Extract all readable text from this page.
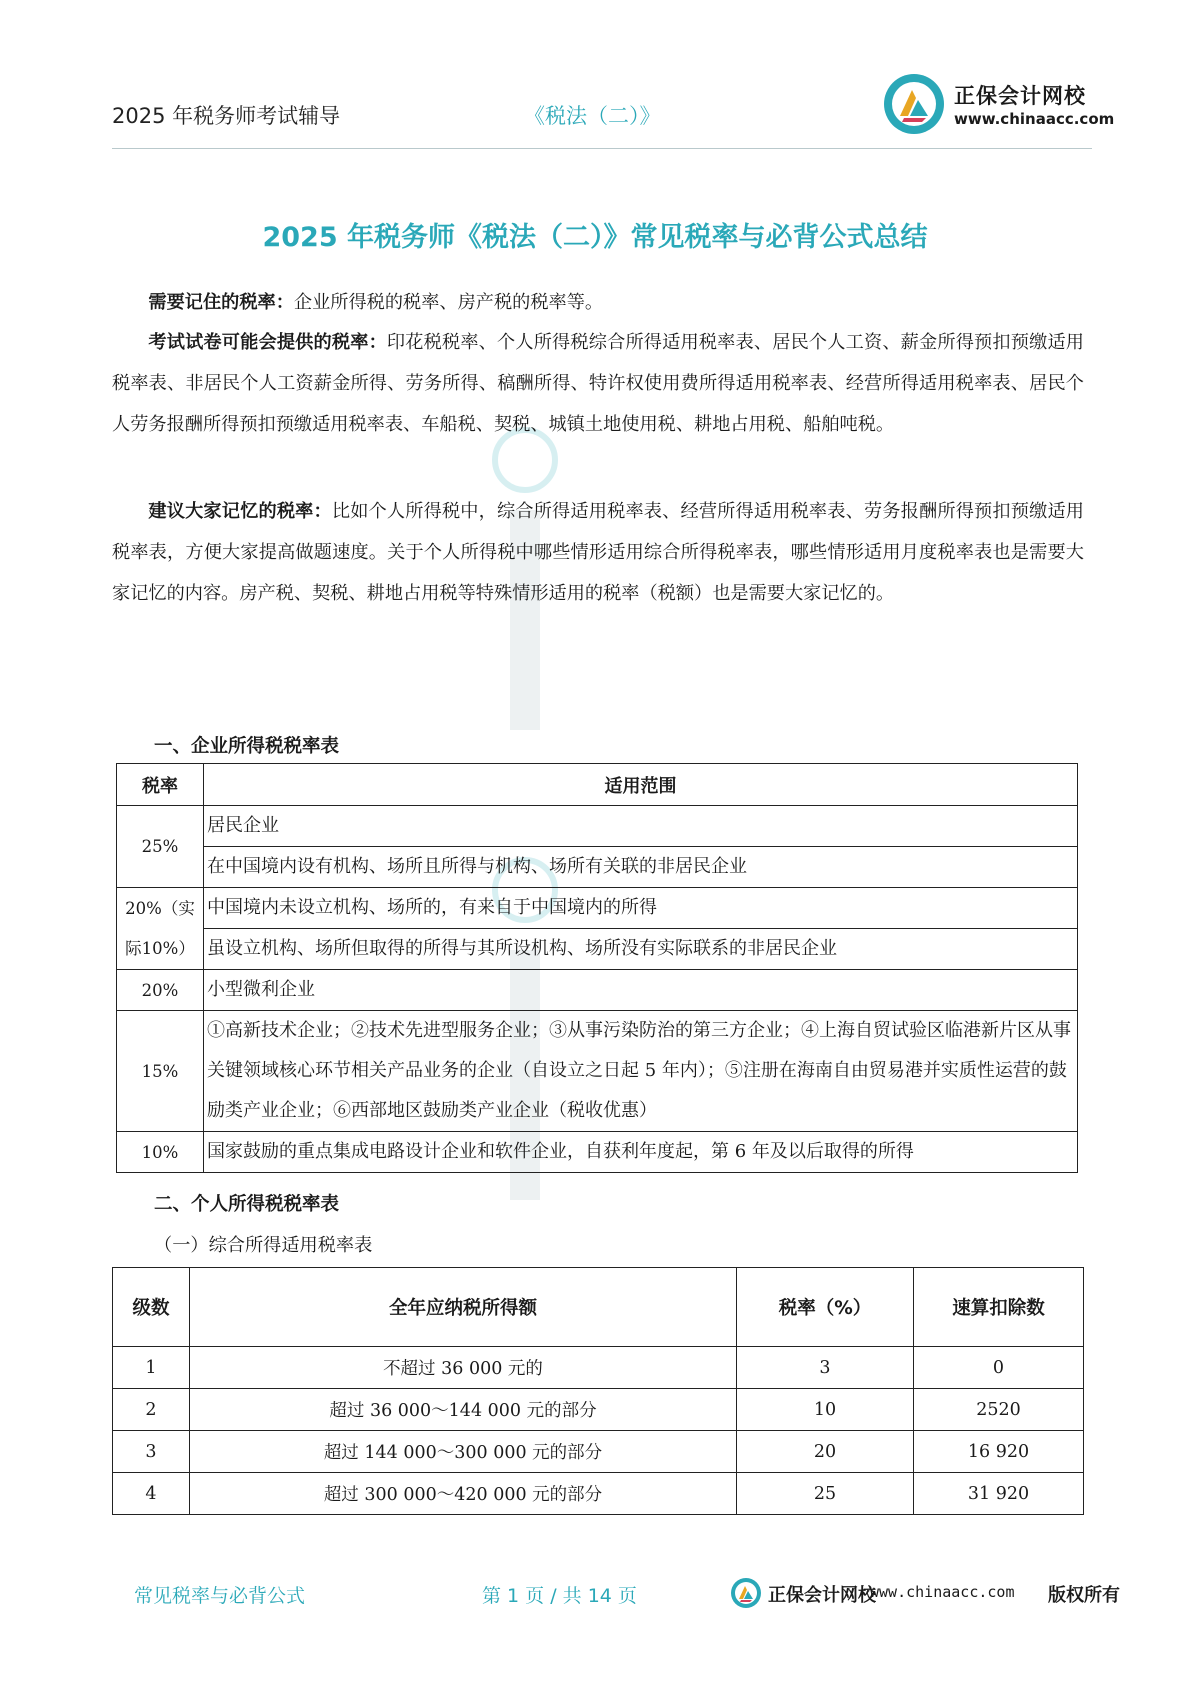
2025 年税务师考试辅导	《税法（二）》
正保会计网校
www.chinaacc.com
2025 年税务师《税法（二）》常见税率与必背公式总结
需要记住的税率：企业所得税的税率、房产税的税率等。
考试试卷可能会提供的税率：印花税税率、个人所得税综合所得适用税率表、居民个人工资、薪金所得预扣预缴适用税率表、非居民个人工资薪金所得、劳务所得、稿酬所得、特许权使用费所得适用税率表、经营所得适用税率表、居民个人劳务报酬所得预扣预缴适用税率表、车船税、契税、城镇土地使用税、耕地占用税、船舶吨税。
建议大家记忆的税率：比如个人所得税中，综合所得适用税率表、经营所得适用税率表、劳务报酬所得预扣预缴适用税率表，方便大家提高做题速度。关于个人所得税中哪些情形适用综合所得税率表，哪些情形适用月度税率表也是需要大家记忆的内容。房产税、契税、耕地占用税等特殊情形适用的税率（税额）也是需要大家记忆的。
一、企业所得税税率表
税率	适用范围
25%	居民企业
	在中国境内设有机构、场所且所得与机构、场所有关联的非居民企业
20%（实际10%）	中国境内未设立机构、场所的，有来自于中国境内的所得
	虽设立机构、场所但取得的所得与其所设机构、场所没有实际联系的非居民企业
20%	小型微利企业
15%	①高新技术企业；②技术先进型服务企业；③从事污染防治的第三方企业；④上海自贸试验区临港新片区从事关键领域核心环节相关产品业务的企业（自设立之日起 5 年内）；⑤注册在海南自由贸易港并实质性运营的鼓励类产业企业；⑥西部地区鼓励类产业企业（税收优惠）
10%	国家鼓励的重点集成电路设计企业和软件企业，自获利年度起，第 6 年及以后取得的所得
二、个人所得税税率表
（一）综合所得适用税率表
级数	全年应纳税所得额	税率（%）	速算扣除数
1	不超过 36 000 元的	3	0
2	超过 36 000～144 000 元的部分	10	2520
3	超过 144 000～300 000 元的部分	20	16 920
4	超过 300 000～420 000 元的部分	25	31 920
常见税率与必背公式	第 1 页 / 共 14 页	正保会计网校
www.chinaacc.com 版权所有
